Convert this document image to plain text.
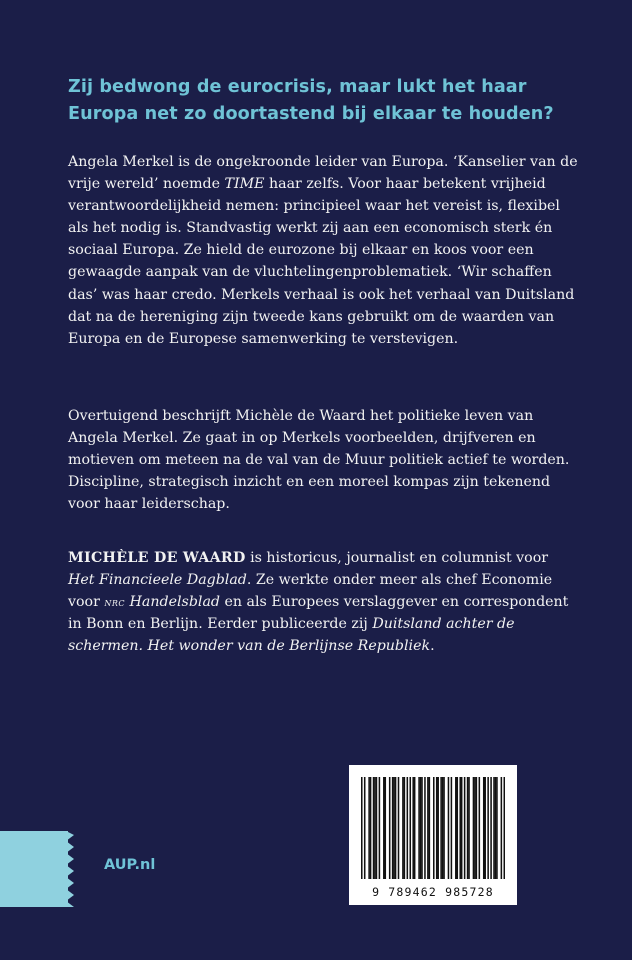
Zij bedwong de eurocrisis, maar lukt het haar Europa net zo doortastend bij elkaar te houden?

Angela Merkel is de ongekroonde leider van Europa. ‘Kanselier van de vrije wereld’ noemde TIME haar zelfs. Voor haar betekent vrijheid verantwoordelijkheid nemen: principieel waar het vereist is, flexibel als het nodig is. Standvastig werkt zij aan een economisch sterk én sociaal Europa. Ze hield de eurozone bij elkaar en koos voor een gewaagde aanpak van de vluchtelingenproblematiek. ‘Wir schaffen das’ was haar credo. Merkels verhaal is ook het verhaal van Duitsland dat na de hereniging zijn tweede kans gebruikt om de waarden van Europa en de Europese samenwerking te verstevigen.

Overtuigend beschrijft Michèle de Waard het politieke leven van Angela Merkel. Ze gaat in op Merkels voorbeelden, drijfveren en motieven om meteen na de val van de Muur politiek actief te worden. Discipline, strategisch inzicht en een moreel kompas zijn tekenend voor haar leiderschap.

MICHÈLE DE WAARD is historicus, journalist en columnist voor Het Financieele Dagblad. Ze werkte onder meer als chef Economie voor nrc Handelsblad en als Europees verslaggever en correspondent in Bonn en Berlijn. Eerder publiceerde zij Duitsland achter de schermen. Het wonder van de Berlijnse Republiek.

AUP.nl
9 789462 985728
